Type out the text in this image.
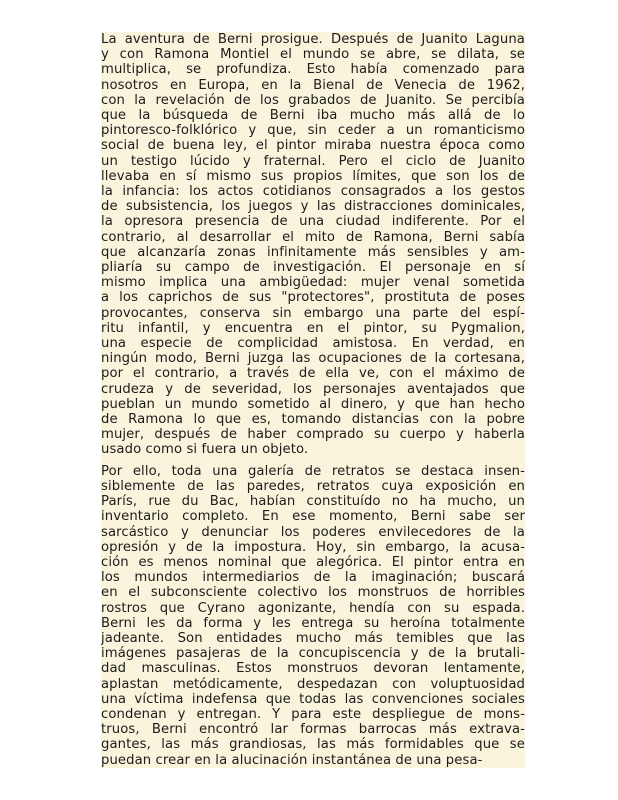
La aventura de Berni prosigue. Después de Juanito Laguna
y con Ramona Montiel el mundo se abre, se dilata, se
multiplica, se profundiza. Esto había comenzado para
nosotros en Europa, en la Bienal de Venecia de 1962,
con la revelación de los grabados de Juanito. Se percibía
que la búsqueda de Berni iba mucho más allá de lo
pintoresco-folklórico y que, sin ceder a un romanticismo
social de buena ley, el pintor miraba nuestra época como
un testigo lúcido y fraternal. Pero el ciclo de Juanito
llevaba en sí mismo sus propios límites, que son los de
la infancia: los actos cotidianos consagrados a los gestos
de subsistencia, los juegos y las distracciones dominicales,
la opresora presencia de una ciudad indiferente. Por el
contrario, al desarrollar el mito de Ramona, Berni sabía
que alcanzaría zonas infinitamente más sensibles y am-
pliaría su campo de investigación. El personaje en sí
mismo implica una ambigüedad: mujer venal sometida
a los caprichos de sus "protectores", prostituta de poses
provocantes, conserva sin embargo una parte del espí-
ritu infantil, y encuentra en el pintor, su Pygmalion,
una especie de complicidad amistosa. En verdad, en
ningún modo, Berni juzga las ocupaciones de la cortesana,
por el contrario, a través de ella ve, con el máximo de
crudeza y de severidad, los personajes aventajados que
pueblan un mundo sometido al dinero, y que han hecho
de Ramona lo que es, tomando distancias con la pobre
mujer, después de haber comprado su cuerpo y haberla
usado como si fuera un objeto.

Por ello, toda una galería de retratos se destaca insen-
siblemente de las paredes, retratos cuya exposición en
París, rue du Bac, habían constituído no ha mucho, un
inventario completo. En ese momento, Berni sabe ser
sarcástico y denunciar los poderes envilecedores de la
opresión y de la impostura. Hoy, sin embargo, la acusa-
ción es menos nominal que alegórica. El pintor entra en
los mundos intermediarios de la imaginación; buscará
en el subconsciente colectivo los monstruos de horribles
rostros que Cyrano agonizante, hendía con su espada.
Berni les da forma y les entrega su heroína totalmente
jadeante. Son entidades mucho más temibles que las
imágenes pasajeras de la concupiscencia y de la brutali-
dad masculinas. Estos monstruos devoran lentamente,
aplastan metódicamente, despedazan con voluptuosidad
una víctima indefensa que todas las convenciones sociales
condenan y entregan. Y para este despliegue de mons-
truos, Berni encontró lar formas barrocas más extrava-
gantes, las más grandiosas, las más formidables que se
puedan crear en la alucinación instantánea de una pesa-
